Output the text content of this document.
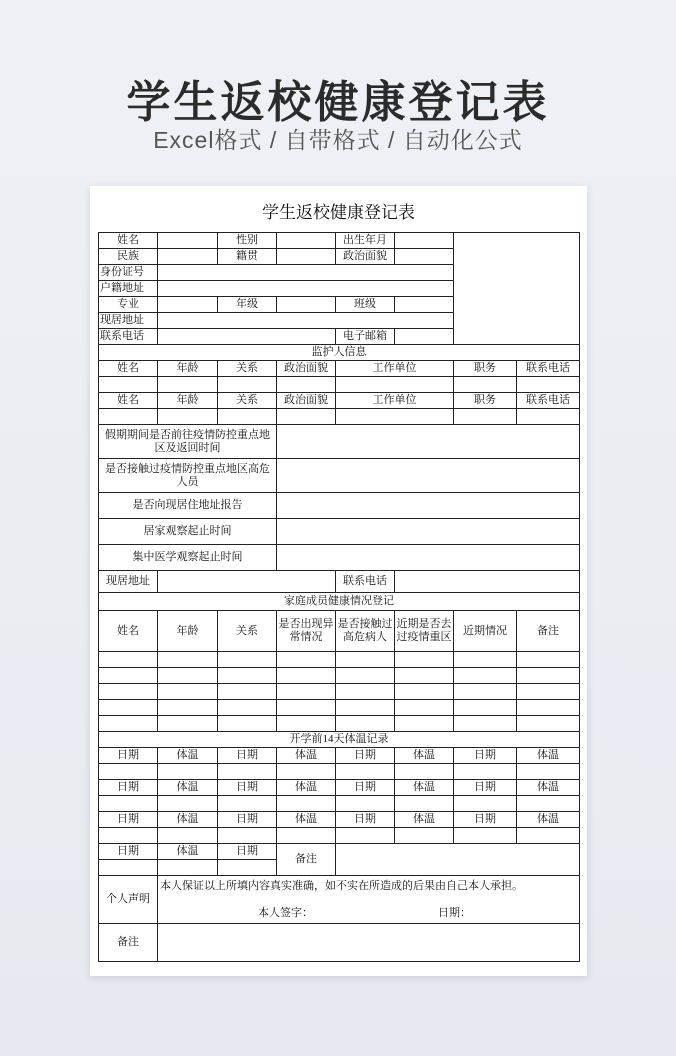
学生返校健康登记表
Excel格式 / 自带格式 / 自动化公式
学生返校健康登记表
姓名		性别		出生年月			
民族		籍贯		政治面貌			
身份证号							
户籍地址							
专业		年级		班级			
现居地址							
联系电话				电子邮箱			
监护人信息							
姓名	年龄	关系	政治面貌	工作单位		职务	联系电话

姓名	年龄	关系	政治面貌	工作单位		职务	联系电话

假期期间是否前往疫情防控重点地区及返回时间							
是否接触过疫情防控重点地区高危人员							
是否向现居住地址报告							
居家观察起止时间							
集中医学观察起止时间							
现居地址				联系电话			
家庭成员健康情况登记							
姓名	年龄	关系	是否出现异常情况	是否接触过高危病人	近期是否去过疫情重区	近期情况	备注

开学前14天体温记录							
日期	体温	日期	体温	日期	体温	日期	体温

日期	体温	日期	体温	日期	体温	日期	体温

日期	体温	日期	体温	日期	体温	日期	体温

日期	体温	日期	备注				

个人声明	本人保证以上所填内容真实准确，如不实在所造成的后果由自己本人承担。
本人签字： 日期：						

备注							
